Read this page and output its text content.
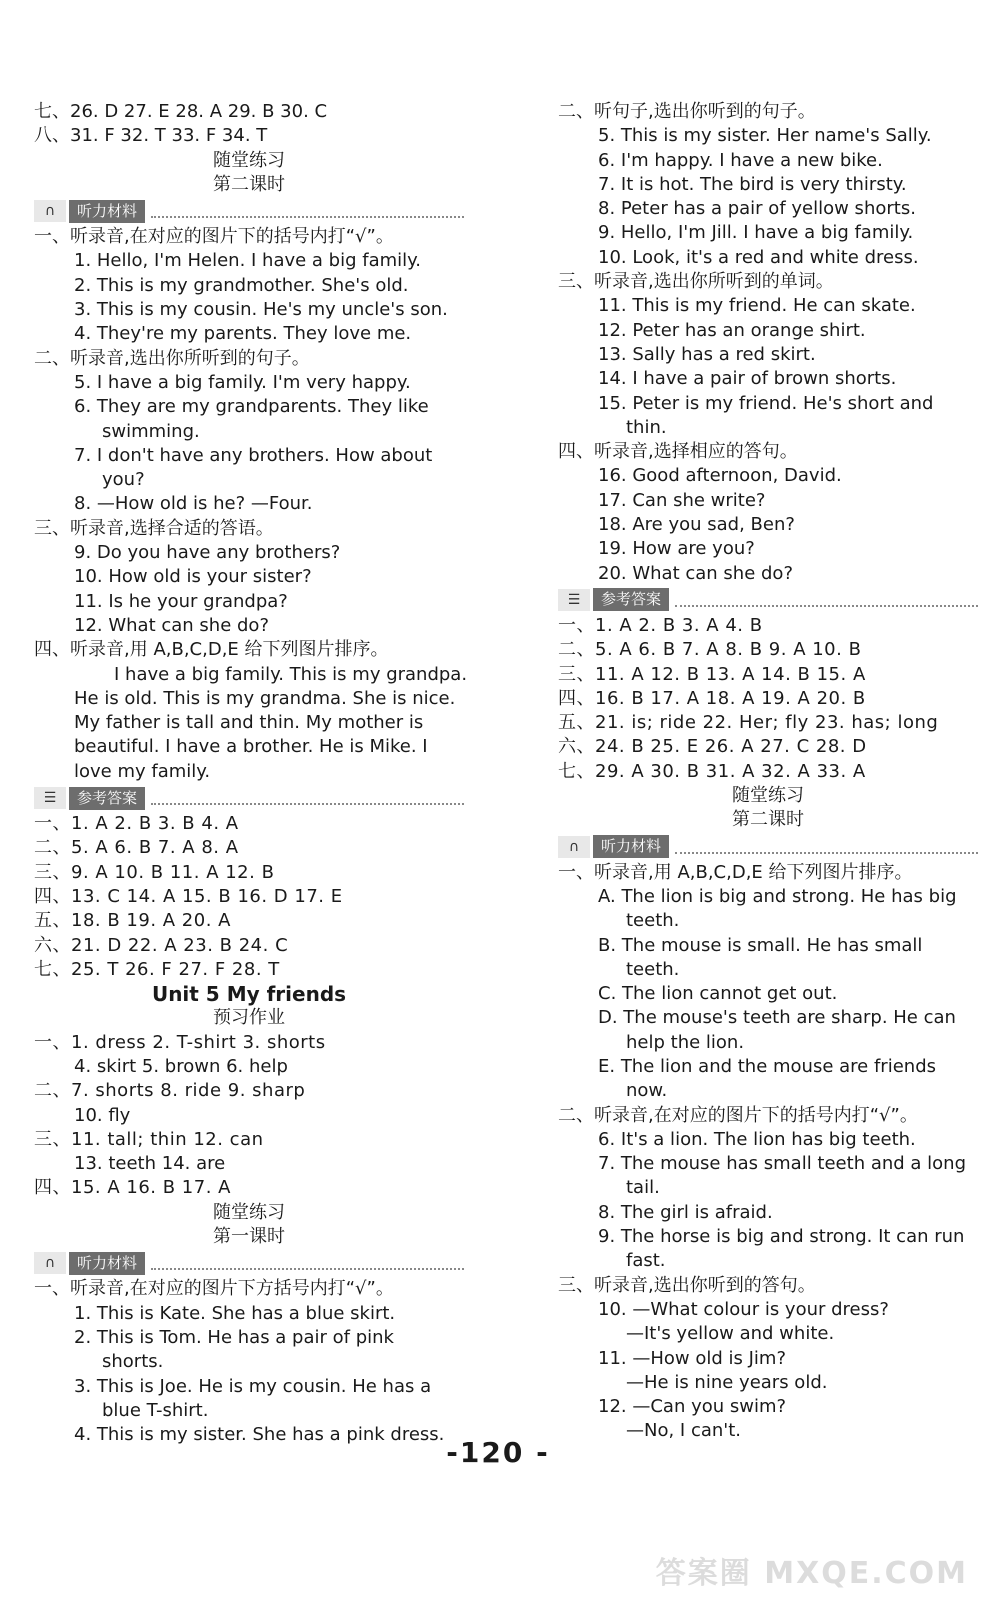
七、26. D 27. E 28. A 29. B 30. C
八、31. F 32. T 33. F 34. T
随堂练习
第二课时
∩	听力材料
一、听录音,在对应的图片下的括号内打“√”。
1. Hello, I'm Helen. I have a big family.
2. This is my grandmother. She's old.
3. This is my cousin. He's my uncle's son.
4. They're my parents. They love me.
二、听录音,选出你所听到的句子。
5. I have a big family. I'm very happy.
6. They are my grandparents. They like
swimming.
7. I don't have any brothers. How about
you?
8. —How old is he? —Four.
三、听录音,选择合适的答语。
9. Do you have any brothers?
10. How old is your sister?
11. Is he your grandpa?
12. What can she do?
四、听录音,用 A,B,C,D,E 给下列图片排序。
I have a big family. This is my grandpa.
He is old. This is my grandma. She is nice.
My father is tall and thin. My mother is
beautiful. I have a brother. He is Mike. I
love my family.
☰	参考答案
一、1. A 2. B 3. B 4. A
二、5. A 6. B 7. A 8. A
三、9. A 10. B 11. A 12. B
四、13. C 14. A 15. B 16. D 17. E
五、18. B 19. A 20. A
六、21. D 22. A 23. B 24. C
七、25. T 26. F 27. F 28. T
Unit 5 My friends
预习作业
一、1. dress 2. T-shirt 3. shorts
4. skirt 5. brown 6. help
二、7. shorts 8. ride 9. sharp
10. fly
三、11. tall; thin 12. can
13. teeth 14. are
四、15. A 16. B 17. A
随堂练习
第一课时
∩	听力材料
一、听录音,在对应的图片下方括号内打“√”。
1. This is Kate. She has a blue skirt.
2. This is Tom. He has a pair of pink
shorts.
3. This is Joe. He is my cousin. He has a
blue T-shirt.
4. This is my sister. She has a pink dress.
二、听句子,选出你听到的句子。
5. This is my sister. Her name's Sally.
6. I'm happy. I have a new bike.
7. It is hot. The bird is very thirsty.
8. Peter has a pair of yellow shorts.
9. Hello, I'm Jill. I have a big family.
10. Look, it's a red and white dress.
三、听录音,选出你所听到的单词。
11. This is my friend. He can skate.
12. Peter has an orange shirt.
13. Sally has a red skirt.
14. I have a pair of brown shorts.
15. Peter is my friend. He's short and
thin.
四、听录音,选择相应的答句。
16. Good afternoon, David.
17. Can she write?
18. Are you sad, Ben?
19. How are you?
20. What can she do?
☰	参考答案
一、1. A 2. B 3. A 4. B
二、5. A 6. B 7. A 8. B 9. A 10. B
三、11. A 12. B 13. A 14. B 15. A
四、16. B 17. A 18. A 19. A 20. B
五、21. is; ride 22. Her; fly 23. has; long
六、24. B 25. E 26. A 27. C 28. D
七、29. A 30. B 31. A 32. A 33. A
随堂练习
第二课时
∩	听力材料
一、听录音,用 A,B,C,D,E 给下列图片排序。
A. The lion is big and strong. He has big
teeth.
B. The mouse is small. He has small
teeth.
C. The lion cannot get out.
D. The mouse's teeth are sharp. He can
help the lion.
E. The lion and the mouse are friends
now.
二、听录音,在对应的图片下的括号内打“√”。
6. It's a lion. The lion has big teeth.
7. The mouse has small teeth and a long
tail.
8. The girl is afraid.
9. The horse is big and strong. It can run
fast.
三、听录音,选出你听到的答句。
10. —What colour is your dress?
—It's yellow and white.
11. —How old is Jim?
—He is nine years old.
12. —Can you swim?
—No, I can't.
-120 -
答案圈 MXQE.COM
